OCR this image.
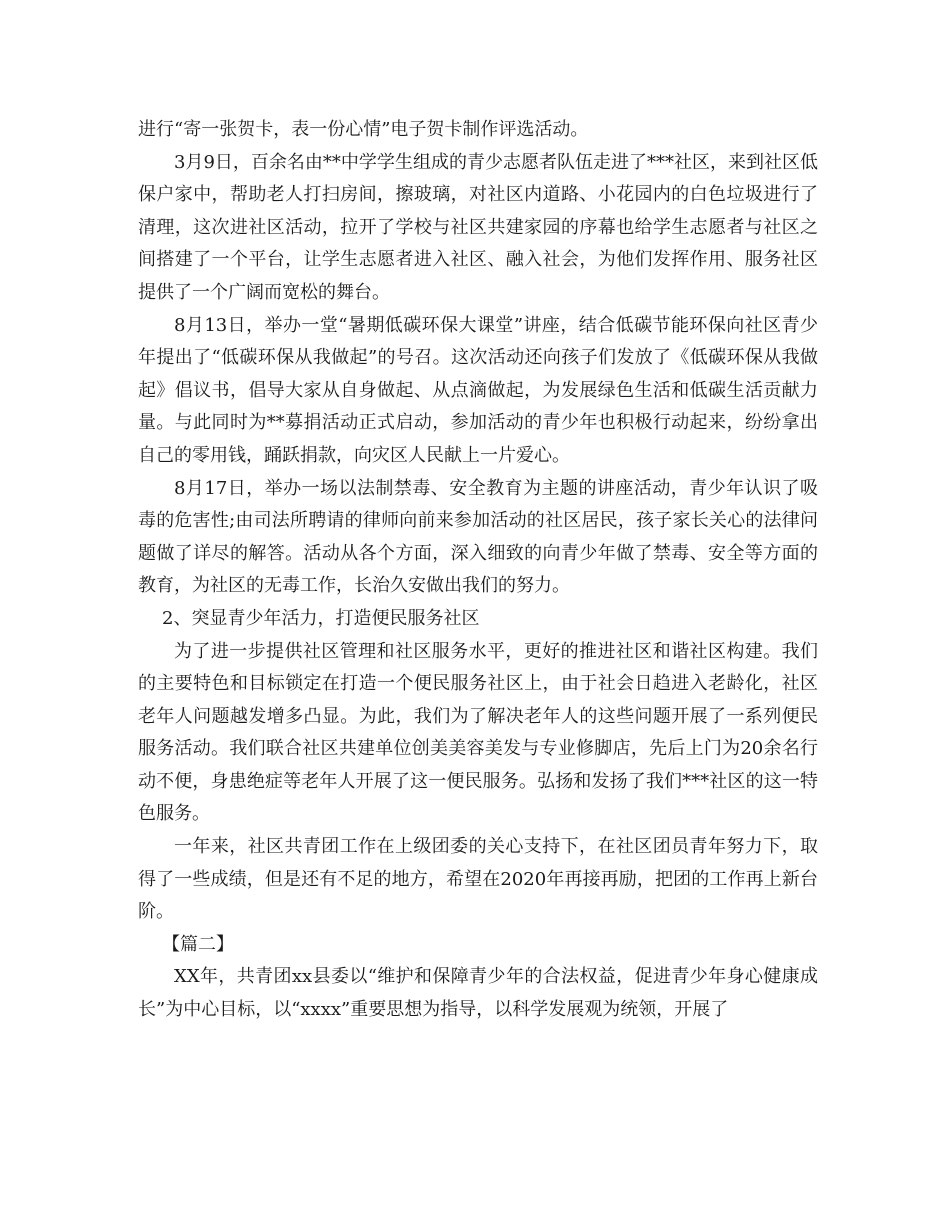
进行“寄一张贺卡，表一份心情”电子贺卡制作评选活动。

3月9日，百余名由**中学学生组成的青少志愿者队伍走进了***社区，来到社区低保户家中，帮助老人打扫房间，擦玻璃，对社区内道路、小花园内的白色垃圾进行了清理，这次进社区活动，拉开了学校与社区共建家园的序幕也给学生志愿者与社区之间搭建了一个平台，让学生志愿者进入社区、融入社会，为他们发挥作用、服务社区提供了一个广阔而宽松的舞台。

8月13日，举办一堂“暑期低碳环保大课堂”讲座，结合低碳节能环保向社区青少年提出了“低碳环保从我做起”的号召。这次活动还向孩子们发放了《低碳环保从我做起》倡议书，倡导大家从自身做起、从点滴做起，为发展绿色生活和低碳生活贡献力量。与此同时为**募捐活动正式启动，参加活动的青少年也积极行动起来，纷纷拿出自己的零用钱，踊跃捐款，向灾区人民献上一片爱心。

8月17日，举办一场以法制禁毒、安全教育为主题的讲座活动，青少年认识了吸毒的危害性;由司法所聘请的律师向前来参加活动的社区居民，孩子家长关心的法律问题做了详尽的解答。活动从各个方面，深入细致的向青少年做了禁毒、安全等方面的教育，为社区的无毒工作，长治久安做出我们的努力。

2、突显青少年活力，打造便民服务社区

为了进一步提供社区管理和社区服务水平，更好的推进社区和谐社区构建。我们的主要特色和目标锁定在打造一个便民服务社区上，由于社会日趋进入老龄化，社区老年人问题越发增多凸显。为此，我们为了解决老年人的这些问题开展了一系列便民服务活动。我们联合社区共建单位创美美容美发与专业修脚店，先后上门为20余名行动不便，身患绝症等老年人开展了这一便民服务。弘扬和发扬了我们***社区的这一特色服务。

一年来，社区共青团工作在上级团委的关心支持下，在社区团员青年努力下，取得了一些成绩，但是还有不足的地方，希望在2020年再接再励，把团的工作再上新台阶。

【篇二】

XX年，共青团xx县委以“维护和保障青少年的合法权益，促进青少年身心健康成长”为中心目标，以“xxxx”重要思想为指导，以科学发展观为统领，开展了
